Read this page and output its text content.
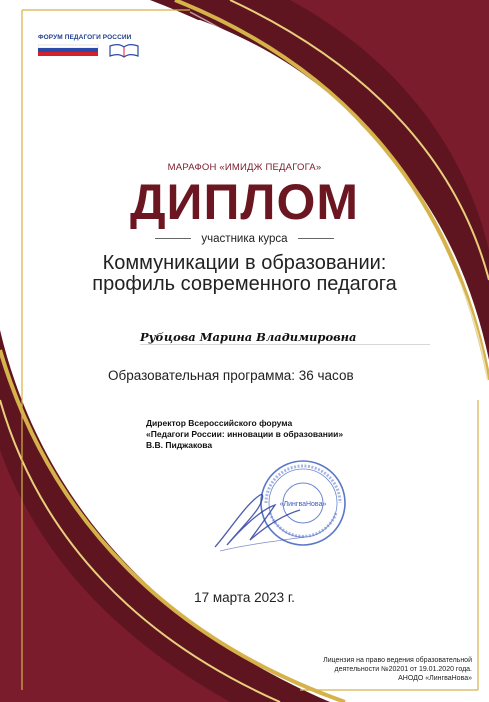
ФОРУМ ПЕДАГОГИ РОССИИ
МАРАФОН «ИМИДЖ ПЕДАГОГА»
ДИПЛОМ
участника курса
Коммуникации в образовании:
профиль современного педагога
Рубцова Марина Владимировна
Образовательная программа: 36 часов
Директор Всероссийского форума
«Педагоги России: инновации в образовании»
В.В. Пиджакова
«ЛингваНова»
17 марта 2023 г.
Лицензия на право ведения образовательной
деятельности №20201 от 19.01.2020 года.
АНОДО «ЛингваНова»
